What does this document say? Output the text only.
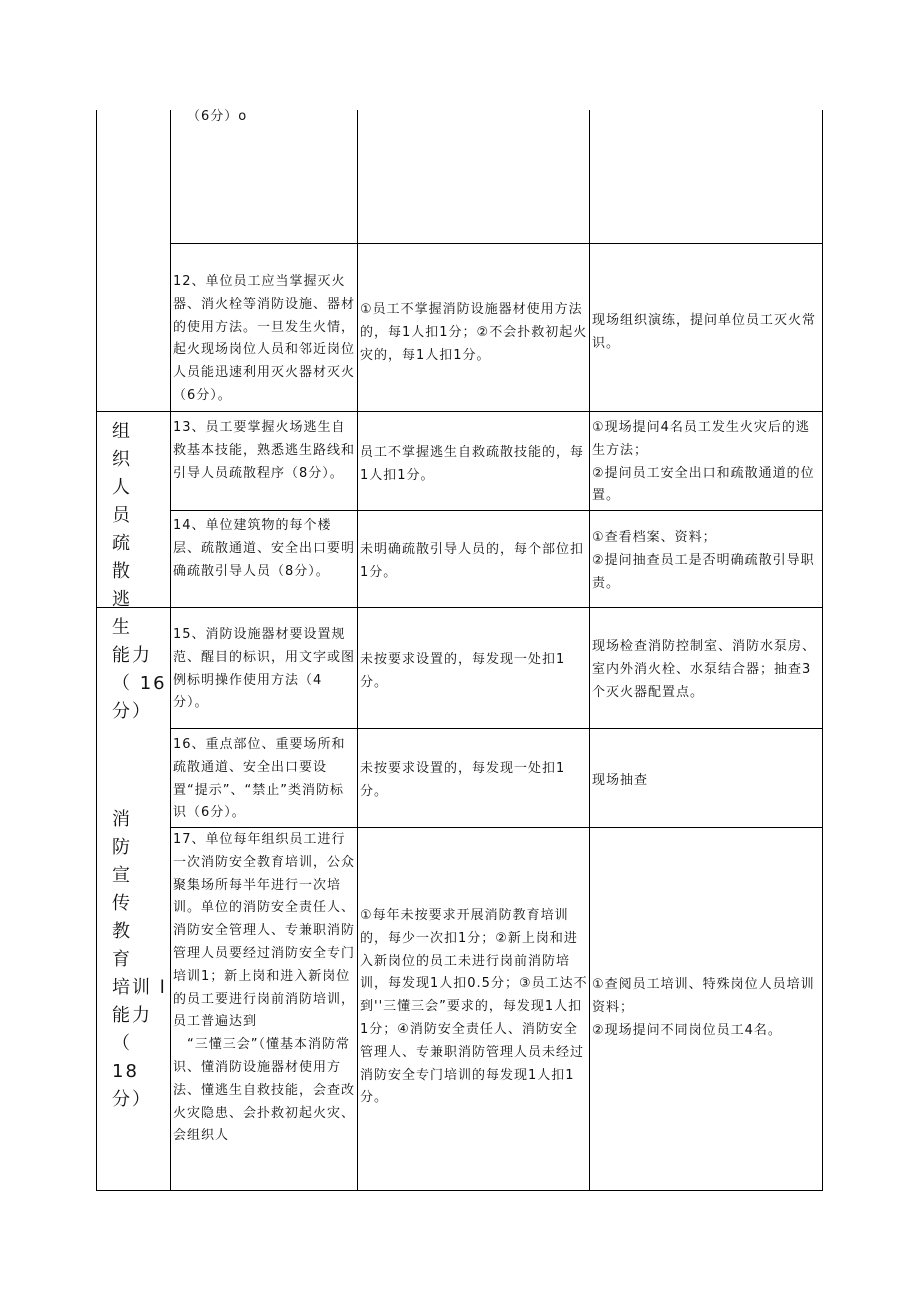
组　 织
人　员
疏　散
逃　生
能力
（ 16
分）
消　 防
宣　传
教　育
培训 l
能力（
18
分）
（6分）o
12、单位员工应当掌握灭火器、消火栓等消防设施、器材的使用方法。一旦发生火情，起火现场岗位人员和邻近岗位人员能迅速利用灭火器材灭火（6分）。
①员工不掌握消防设施器材使用方法的，每1人扣1分；②不会扑救初起火灾的，每1人扣1分。
现场组织演练，提问单位员工灭火常识。
13、员工要掌握火场逃生自救基本技能，熟悉逃生路线和引导人员疏散程序（8分）。
员工不掌握逃生自救疏散技能的，每1人扣1分。
①现场提问4名员工发生火灾后的逃生方法；
②提问员工安全出口和疏散通道的位置。
14、单位建筑物的每个楼层、疏散通道、安全出口要明确疏散引导人员（8分）。
未明确疏散引导人员的，每个部位扣1分。
①查看档案、资料；
②提问抽查员工是否明确疏散引导职责。
15、消防设施器材要设置规范、醒目的标识，用文字或图例标明操作使用方法（4分）。
未按要求设置的，每发现一处扣1分。
现场检查消防控制室、消防水泵房、室内外消火栓、水泵结合器；抽查3个灭火器配置点。
16、重点部位、重要场所和疏散通道、安全出口要设置“提示”、“禁止”类消防标识（6分）。
未按要求设置的，每发现一处扣1分。
现场抽查
17、单位每年组织员工进行一次消防安全教育培训，公众聚集场所每半年进行一次培训。单位的消防安全责任人、消防安全管理人、专兼职消防管理人员要经过消防安全专门培训1；新上岗和进入新岗位的员工要进行岗前消防培训，员工普遍达到
　“三懂三会”（懂基本消防常识、懂消防设施器材使用方法、懂逃生自救技能，会查改火灾隐患、会扑救初起火灾、会组织人
①每年未按要求开展消防教育培训的，每少一次扣1分；②新上岗和进入新岗位的员工未进行岗前消防培训，每发现1人扣0.5分；③员工达不到''三懂三会”要求的，每发现1人扣1分；④消防安全责任人、消防安全管理人、专兼职消防管理人员未经过消防安全专门培训的每发现1人扣1分。
①查阅员工培训、特殊岗位人员培训资料；
②现场提问不同岗位员工4名。
